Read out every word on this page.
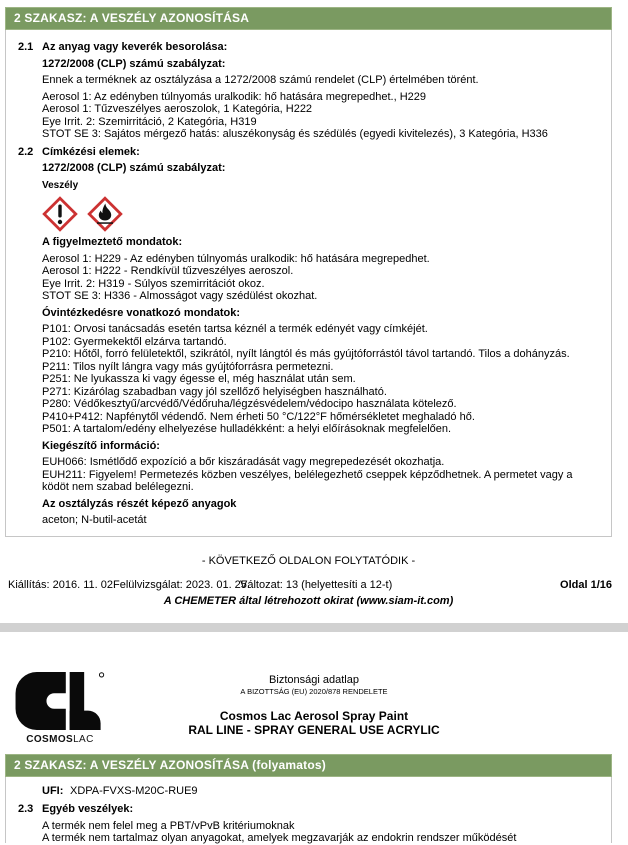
2 SZAKASZ: A VESZÉLY AZONOSÍTÁSA
2.1 Az anyag vagy keverék besorolása:
1272/2008 (CLP) számú szabályzat:
Ennek a terméknek az osztályzása a 1272/2008 számú rendelet (CLP) értelmében törént.
Aerosol 1: Az edényben túlnyomás uralkodik: hő hatására megrepedhet., H229
Aerosol 1: Tűzveszélyes aeroszolok, 1 Kategória, H222
Eye Irrit. 2: Szemirritáció, 2 Kategória, H319
STOT SE 3: Sajátos mérgező hatás: aluszékonyság és szédülés (egyedi kivitelezés), 3 Kategória, H336
2.2 Címkézési elemek:
1272/2008 (CLP) számú szabályzat:
Veszély
A figyelmeztető mondatok:
Aerosol 1: H229 - Az edényben túlnyomás uralkodik: hő hatására megrepedhet.
Aerosol 1: H222 - Rendkívül tűzveszélyes aeroszol.
Eye Irrit. 2: H319 - Súlyos szemirritációt okoz.
STOT SE 3: H336 - Almosságot vagy szédülést okozhat.
Óvintézkedésre vonatkozó mondatok:
P101: Orvosi tanácsadás esetén tartsa kéznél a termék edényét vagy címkéjét.
P102: Gyermekektől elzárva tartandó.
P210: Hőtől, forró felületektől, szikrától, nyílt lángtól és más gyújtóforrástól távol tartandó. Tilos a dohányzás.
P211: Tilos nyílt lángra vagy más gyújtóforrásra permetezni.
P251: Ne lyukassza ki vagy égesse el, még használat után sem.
P271: Kizárólag szabadban vagy jól szellőző helyiségben használható.
P280: Védőkesztyű/arcvédő/Védőruha/légzésvédelem/védocipo használata kötelező.
P410+P412: Napfénytől védendő. Nem érheti 50 °C/122°F hőmérsékletet meghaladó hő.
P501: A tartalom/edény elhelyezése hulladékként: a helyi előírásoknak megfelelően.
Kiegészítő információ:
EUH066: Ismétlődő expozíció a bőr kiszáradását vagy megrepedezését okozhatja.
EUH211: Figyelem! Permetezés közben veszélyes, belélegezhető cseppek képződhetnek. A permetet vagy a ködöt nem szabad belélegezni.
Az osztályzás részét képező anyagok
aceton; N-butil-acetát
- KÖVETKEZŐ OLDALON FOLYTATÓDIK -
Kiállítás: 2016. 11. 02.
Felülvizsgálat: 2023. 01. 25.
Változat: 13 (helyettesíti a 12-t)	Oldal 1/16
A CHEMETER által létrehozott okirat (www.siam-it.com)
COSMOSLAC
Biztonsági adatlap
A BIZOTTSÁG (EU) 2020/878 RENDELETE
Cosmos Lac Aerosol Spray Paint
RAL LINE - SPRAY GENERAL USE ACRYLIC
2 SZAKASZ: A VESZÉLY AZONOSÍTÁSA (folyamatos)
UFI: XDPA-FVXS-M20C-RUE9
2.3 Egyéb veszélyek:
A termék nem felel meg a PBT/vPvB kritériumoknak
A termék nem tartalmaz olyan anyagokat, amelyek megzavarják az endokrin rendszer működését
